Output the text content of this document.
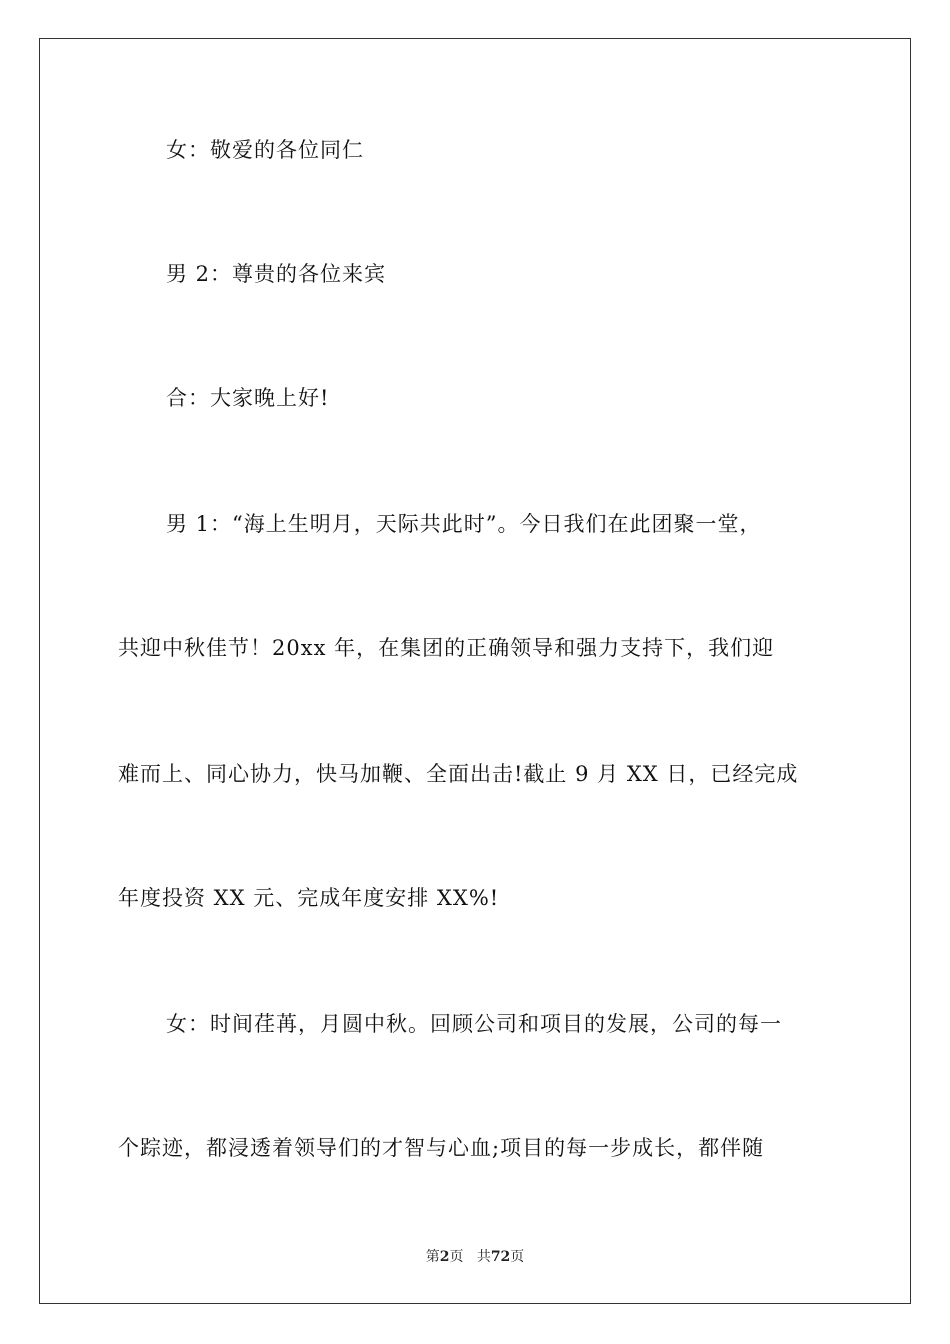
女：敬爱的各位同仁
男 2：尊贵的各位来宾
合：大家晚上好!
男 1：“海上生明月，天际共此时”。今日我们在此团聚一堂，
共迎中秋佳节！20xx 年，在集团的正确领导和强力支持下，我们迎
难而上、同心协力，快马加鞭、全面出击!截止 9 月 XX 日，已经完成
年度投资 XX 元、完成年度安排 XX%!
女：时间荏苒，月圆中秋。回顾公司和项目的发展，公司的每一
个踪迹，都浸透着领导们的才智与心血;项目的每一步成长，都伴随
第2页 共72页
